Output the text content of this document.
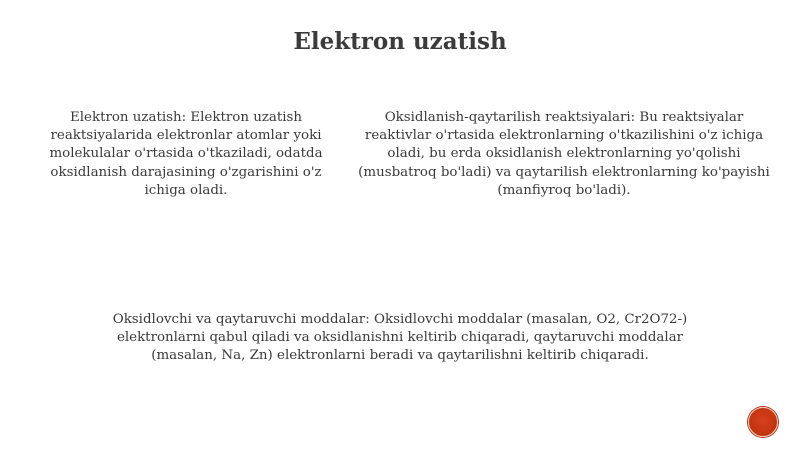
Elektron uzatish
Elektron uzatish: Elektron uzatish reaktsiyalarida elektronlar atomlar yoki molekulalar o'rtasida o'tkaziladi, odatda oksidlanish darajasining o'zgarishini o'z ichiga oladi.
Oksidlanish-qaytarilish reaktsiyalari: Bu reaktsiyalar reaktivlar o'rtasida elektronlarning o'tkazilishini o'z ichiga oladi, bu erda oksidlanish elektronlarning yo'qolishi (musbatroq bo'ladi) va qaytarilish elektronlarning ko'payishi (manfiyroq bo'ladi).
Oksidlovchi va qaytaruvchi moddalar: Oksidlovchi moddalar (masalan, O2, Cr2O72-) elektronlarni qabul qiladi va oksidlanishni keltirib chiqaradi, qaytaruvchi moddalar (masalan, Na, Zn) elektronlarni beradi va qaytarilishni keltirib chiqaradi.
